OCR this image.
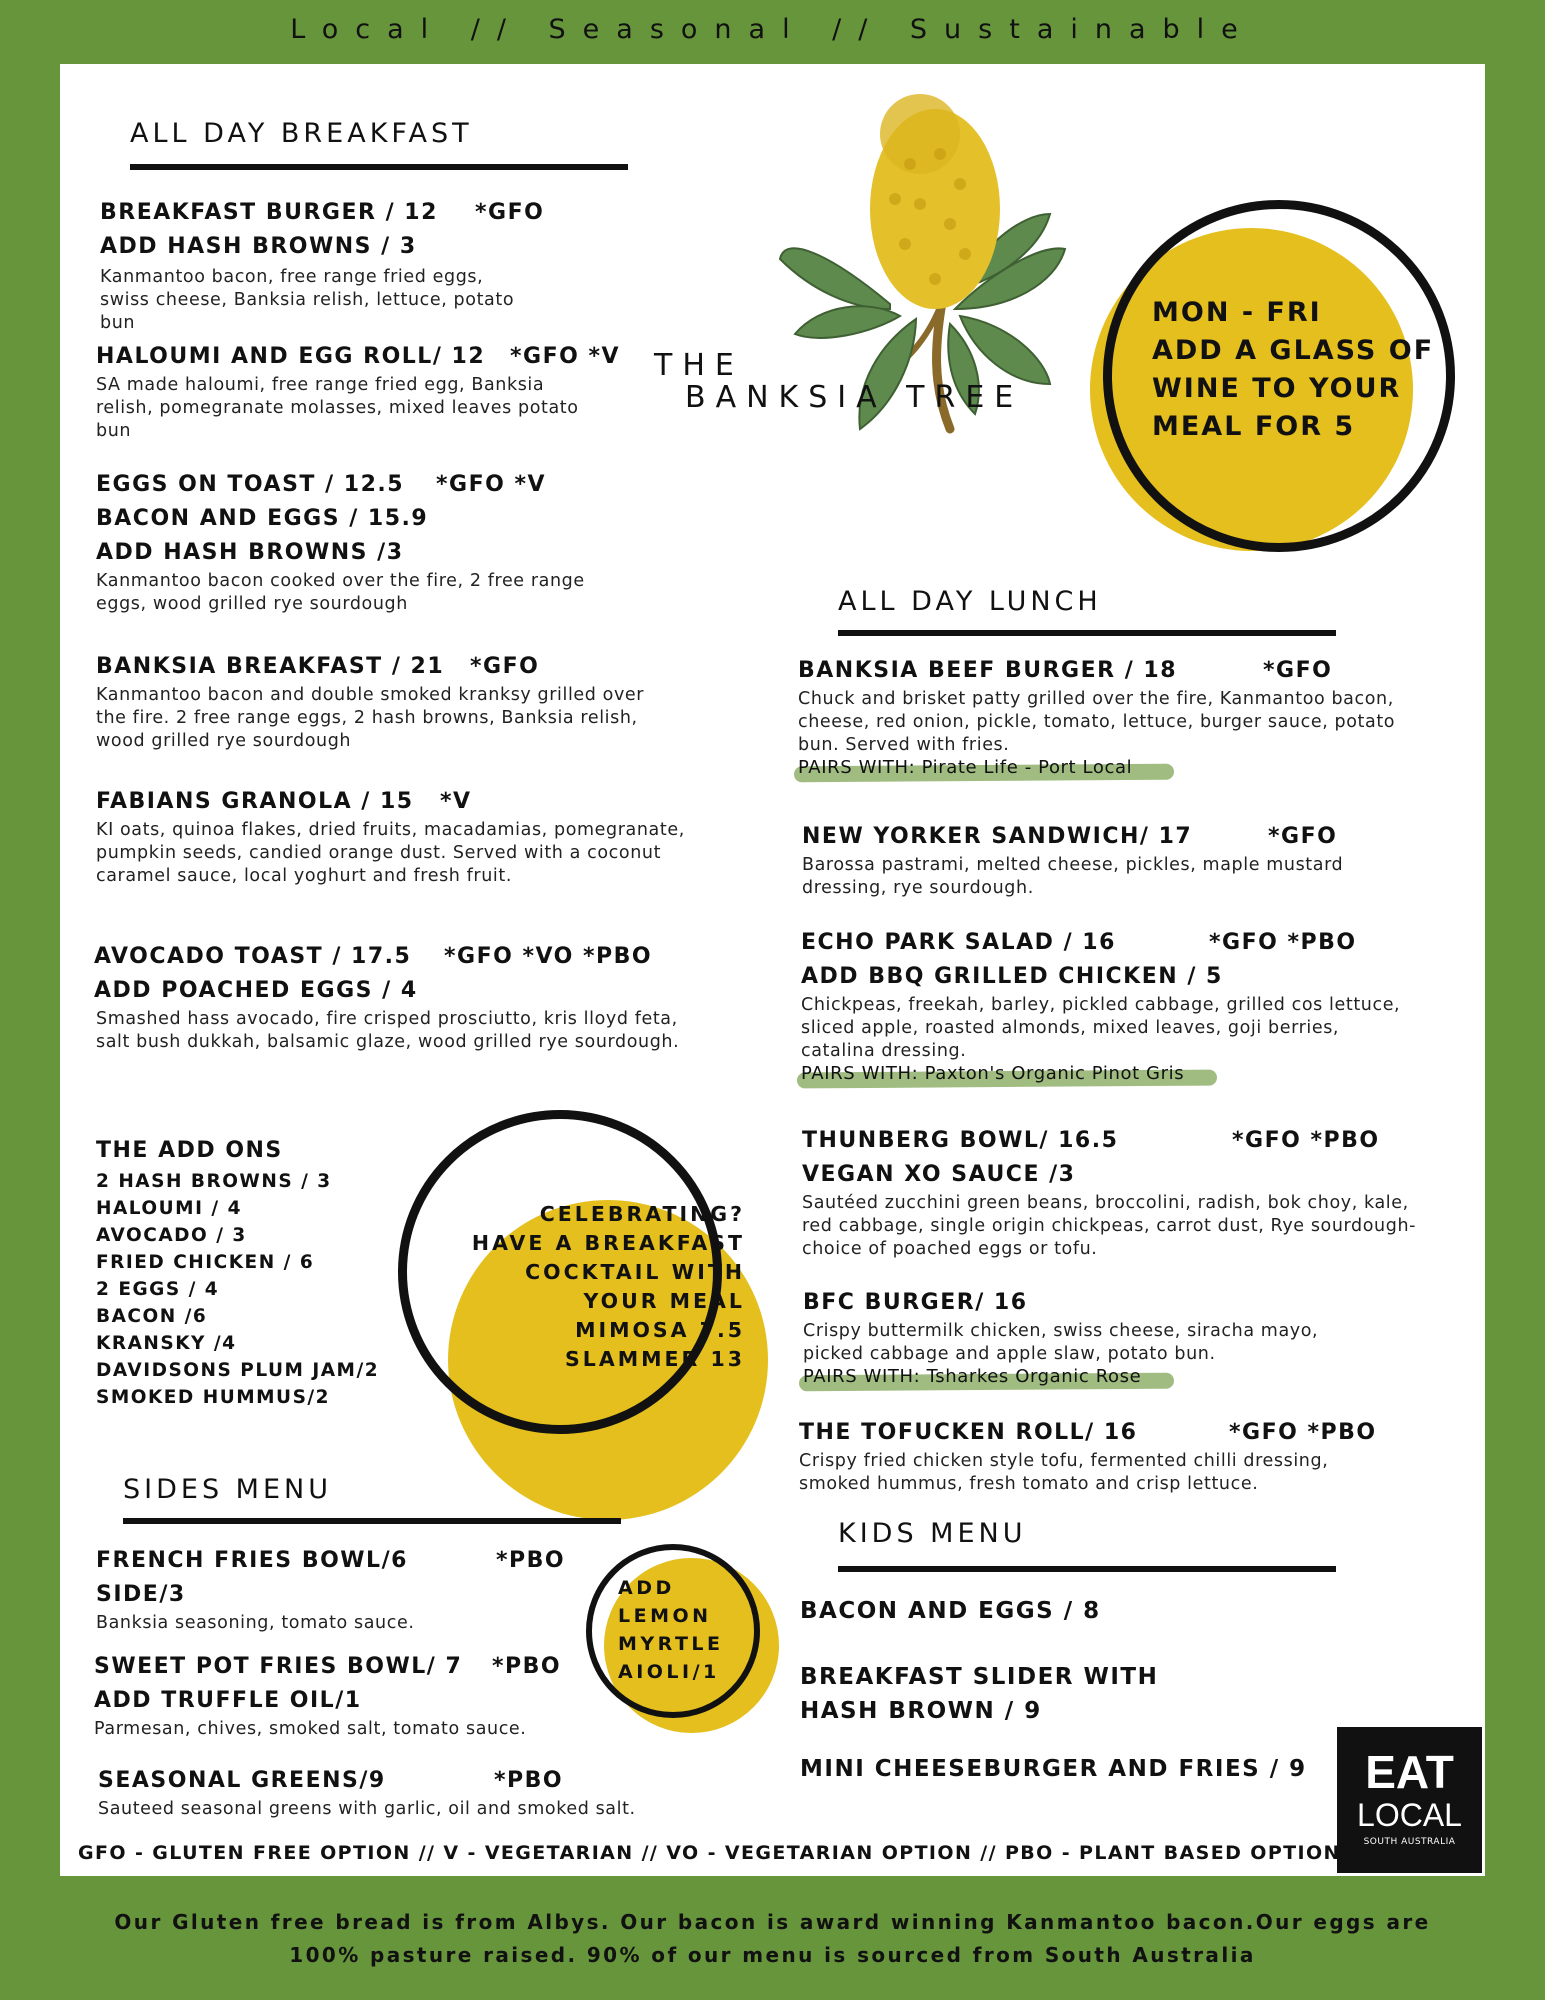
Local // Seasonal // Sustainable
ALL DAY BREAKFAST
BREAKFAST BURGER / 12	*GFO
ADD HASH BROWNS / 3
Kanmantoo bacon, free range fried eggs, swiss cheese, Banksia relish, lettuce, potato bun
HALOUMI AND EGG ROLL/ 12	*GFO *V
SA made haloumi, free range fried egg, Banksia relish, pomegranate molasses, mixed leaves potato bun
EGGS ON TOAST / 12.5	*GFO *V
BACON AND EGGS / 15.9
ADD HASH BROWNS /3
Kanmantoo bacon cooked over the fire, 2 free range eggs, wood grilled rye sourdough
BANKSIA BREAKFAST / 21	*GFO
Kanmantoo bacon and double smoked kranksy grilled over the fire. 2 free range eggs, 2 hash browns, Banksia relish, wood grilled rye sourdough
FABIANS GRANOLA / 15	*V
KI oats, quinoa flakes, dried fruits, macadamias, pomegranate, pumpkin seeds, candied orange dust. Served with a coconut caramel sauce, local yoghurt and fresh fruit.
AVOCADO TOAST / 17.5	*GFO *VO *PBO
ADD POACHED EGGS / 4
Smashed hass avocado, fire crisped prosciutto, kris lloyd feta, salt bush dukkah, balsamic glaze, wood grilled rye sourdough.
THE ADD ONS
2 HASH BROWNS / 3
HALOUMI / 4
AVOCADO / 3
FRIED CHICKEN / 6
2 EGGS / 4
BACON /6
KRANSKY /4
DAVIDSONS PLUM JAM/2
SMOKED HUMMUS/2
CELEBRATING?
HAVE A BREAKFAST
COCKTAIL WITH
YOUR MEAL
MIMOSA 7.5
SLAMMER 13
SIDES MENU
FRENCH FRIES BOWL/6	*PBO
SIDE/3
Banksia seasoning, tomato sauce.
SWEET POT FRIES BOWL/ 7	*PBO
ADD TRUFFLE OIL/1
Parmesan, chives, smoked salt, tomato sauce.
SEASONAL GREENS/9	*PBO
Sauteed seasonal greens with garlic, oil and smoked salt.
ADD
LEMON
MYRTLE
AIOLI/1
THE
BANKSIA TREE
MON - FRI
ADD A GLASS OF
WINE TO YOUR
MEAL FOR 5
ALL DAY LUNCH
BANKSIA BEEF BURGER / 18	*GFO
Chuck and brisket patty grilled over the fire, Kanmantoo bacon, cheese, red onion, pickle, tomato, lettuce, burger sauce, potato bun. Served with fries.
PAIRS WITH: Pirate Life - Port Local
NEW YORKER SANDWICH/ 17	*GFO
Barossa pastrami, melted cheese, pickles, maple mustard dressing, rye sourdough.
ECHO PARK SALAD / 16	*GFO *PBO
ADD BBQ GRILLED CHICKEN / 5
Chickpeas, freekah, barley, pickled cabbage, grilled cos lettuce, sliced apple, roasted almonds, mixed leaves, goji berries, catalina dressing.
PAIRS WITH: Paxton's Organic Pinot Gris
THUNBERG BOWL/ 16.5	*GFO *PBO
VEGAN XO SAUCE /3
Sautéed zucchini green beans, broccolini, radish, bok choy, kale, red cabbage, single origin chickpeas, carrot dust, Rye sourdough-choice of poached eggs or tofu.
BFC BURGER/ 16
Crispy buttermilk chicken, swiss cheese, siracha mayo, picked cabbage and apple slaw, potato bun.
PAIRS WITH: Tsharkes Organic Rose
THE TOFUCKEN ROLL/ 16	*GFO *PBO
Crispy fried chicken style tofu, fermented chilli dressing, smoked hummus, fresh tomato and crisp lettuce.
KIDS MENU
BACON AND EGGS / 8
BREAKFAST SLIDER WITH
HASH BROWN / 9
MINI CHEESEBURGER AND FRIES / 9	EAT
LOCAL
SOUTH AUSTRALIA
GFO - GLUTEN FREE OPTION // V - VEGETARIAN // VO - VEGETARIAN OPTION // PBO - PLANT BASED OPTION
Our Gluten free bread is from Albys. Our bacon is award winning Kanmantoo bacon.Our eggs are
100% pasture raised. 90% of our menu is sourced from South Australia
